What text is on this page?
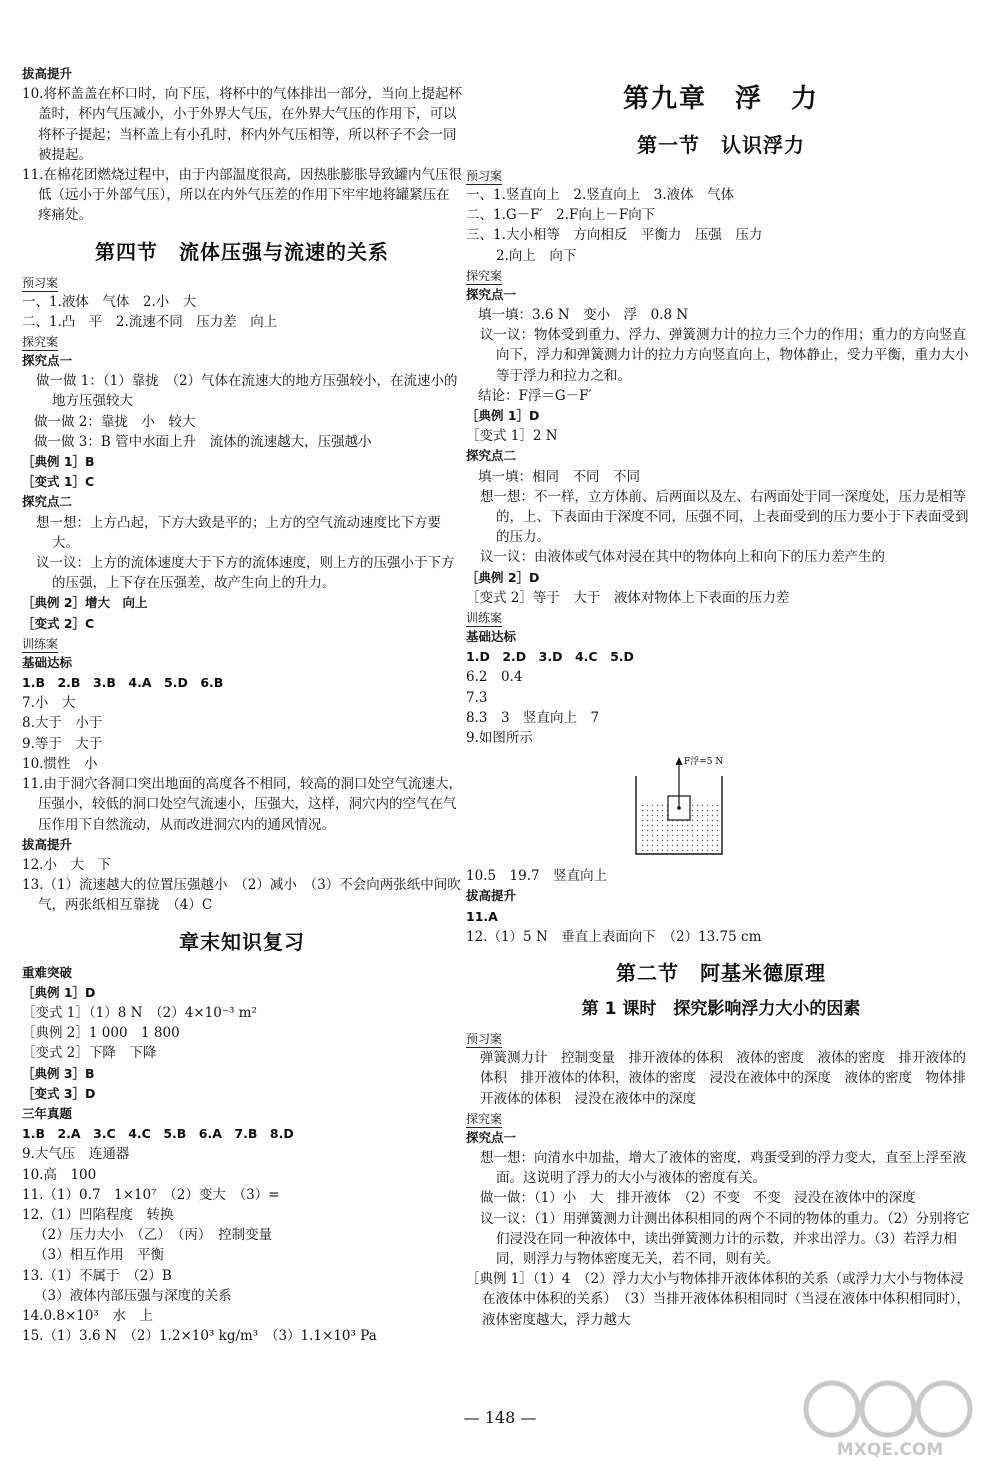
拔高提升
10.将杯盖盖在杯口时，向下压，将杯中的气体排出一部分，当向上提起杯盖时，杯内气压减小，小于外界大气压，在外界大气压的作用下，可以将杯子提起；当杯盖上有小孔时，杯内外气压相等，所以杯子不会一同被提起。
11.在棉花团燃烧过程中，由于内部温度很高，因热胀膨胀导致罐内气压很低（远小于外部气压），所以在内外气压差的作用下牢牢地将罐紧压在疼痛处。
第四节　流体压强与流速的关系
预习案
一、1.液体　气体　2.小　大
二、1.凸　平　2.流速不同　压力差　向上
探究案
探究点一
做一做 1：（1）靠拢　（2）气体在流速大的地方压强较小，在流速小的地方压强较大
做一做 2：靠拢　小　较大
做一做 3：B 管中水面上升　流体的流速越大，压强越小
［典例 1］B
［变式 1］C
探究点二
想一想：上方凸起，下方大致是平的；上方的空气流动速度比下方要大。
议一议：上方的流体速度大于下方的流体速度，则上方的压强小于下方的压强，上下存在压强差，故产生向上的升力。
［典例 2］增大　向上
［变式 2］C
训练案
基础达标
1.B　2.B　3.B　4.A　5.D　6.B
7.小　大
8.大于　小于
9.等于　大于
10.惯性　小
11.由于洞穴各洞口突出地面的高度各不相同，较高的洞口处空气流速大，压强小，较低的洞口处空气流速小，压强大，这样，洞穴内的空气在气压作用下自然流动，从而改进洞穴内的通风情况。
拔高提升
12.小　大　下
13.（1）流速越大的位置压强越小　（2）减小　（3）不会向两张纸中间吹气，两张纸相互靠拢　（4）C
章末知识复习
重难突破
［典例 1］D
［变式 1］（1）8 N　（2）4×10⁻³ m²
［典例 2］1 000　1 800
［变式 2］下降　下降
［典例 3］B
［变式 3］D
三年真题
1.B　2.A　3.C　4.C　5.B　6.A　7.B　8.D
9.大气压　连通器
10.高　100
11.（1）0.7　1×10⁷　（2）变大　（3）=
12.（1）凹陷程度　转换
（2）压力大小　（乙）　（丙）　控制变量
（3）相互作用　平衡
13.（1）不属于　（2）B
（3）液体内部压强与深度的关系
14.0.8×10³　水　上
15.（1）3.6 N　（2）1.2×10³ kg/m³　（3）1.1×10³ Pa
第九章　浮　力
第一节　认识浮力
预习案
一、1.竖直向上　2.竖直向上　3.液体　气体
二、1.G－F′　2.F向上－F向下
三、1.大小相等　方向相反　平衡力　压强　压力
2.向上　向下
探究案
探究点一
填一填：3.6 N　变小　浮　0.8 N
议一议：物体受到重力、浮力、弹簧测力计的拉力三个力的作用；重力的方向竖直向下，浮力和弹簧测力计的拉力方向竖直向上，物体静止，受力平衡，重力大小等于浮力和拉力之和。
结论：F浮＝G－F′
［典例 1］D
［变式 1］2 N
探究点二
填一填：相同　不同　不同
想一想：不一样，立方体前、后两面以及左、右两面处于同一深度处，压力是相等的，上、下表面由于深度不同，压强不同，上表面受到的压力要小于下表面受到的压力。
议一议：由液体或气体对浸在其中的物体向上和向下的压力差产生的
［典例 2］D
［变式 2］等于　大于　液体对物体上下表面的压力差
训练案
基础达标
1.D　2.D　3.D　4.C　5.D
6.2　0.4
7.3
8.3　3　竖直向上　7
9.如图所示
F浮=5 N
10.5　19.7　竖直向上
拔高提升
11.A
12.（1）5 N　垂直上表面向下　（2）13.75 cm
第二节　阿基米德原理
第 1 课时　探究影响浮力大小的因素
预习案
弹簧测力计　控制变量　排开液体的体积　液体的密度　液体的密度　排开液体的体积　排开液体的体积，液体的密度　浸没在液体中的深度　液体的密度　物体排开液体的体积　浸没在液体中的深度
探究案
探究点一
想一想：向清水中加盐，增大了液体的密度，鸡蛋受到的浮力变大，直至上浮至液面。这说明了浮力的大小与液体的密度有关。
做一做：（1）小　大　排开液体　（2）不变　不变　浸没在液体中的深度
议一议：（1）用弹簧测力计测出体积相同的两个不同的物体的重力。（2）分别将它们浸没在同一种液体中，读出弹簧测力计的示数，并求出浮力。（3）若浮力相同，则浮力与物体密度无关，若不同，则有关。
［典例 1］（1）4　（2）浮力大小与物体排开液体体积的关系（或浮力大小与物体浸在液体中体积的关系）　（3）当排开液体体积相同时（当浸在液体中体积相同时），液体密度越大，浮力越大
— 148 —
MXQE.COM
